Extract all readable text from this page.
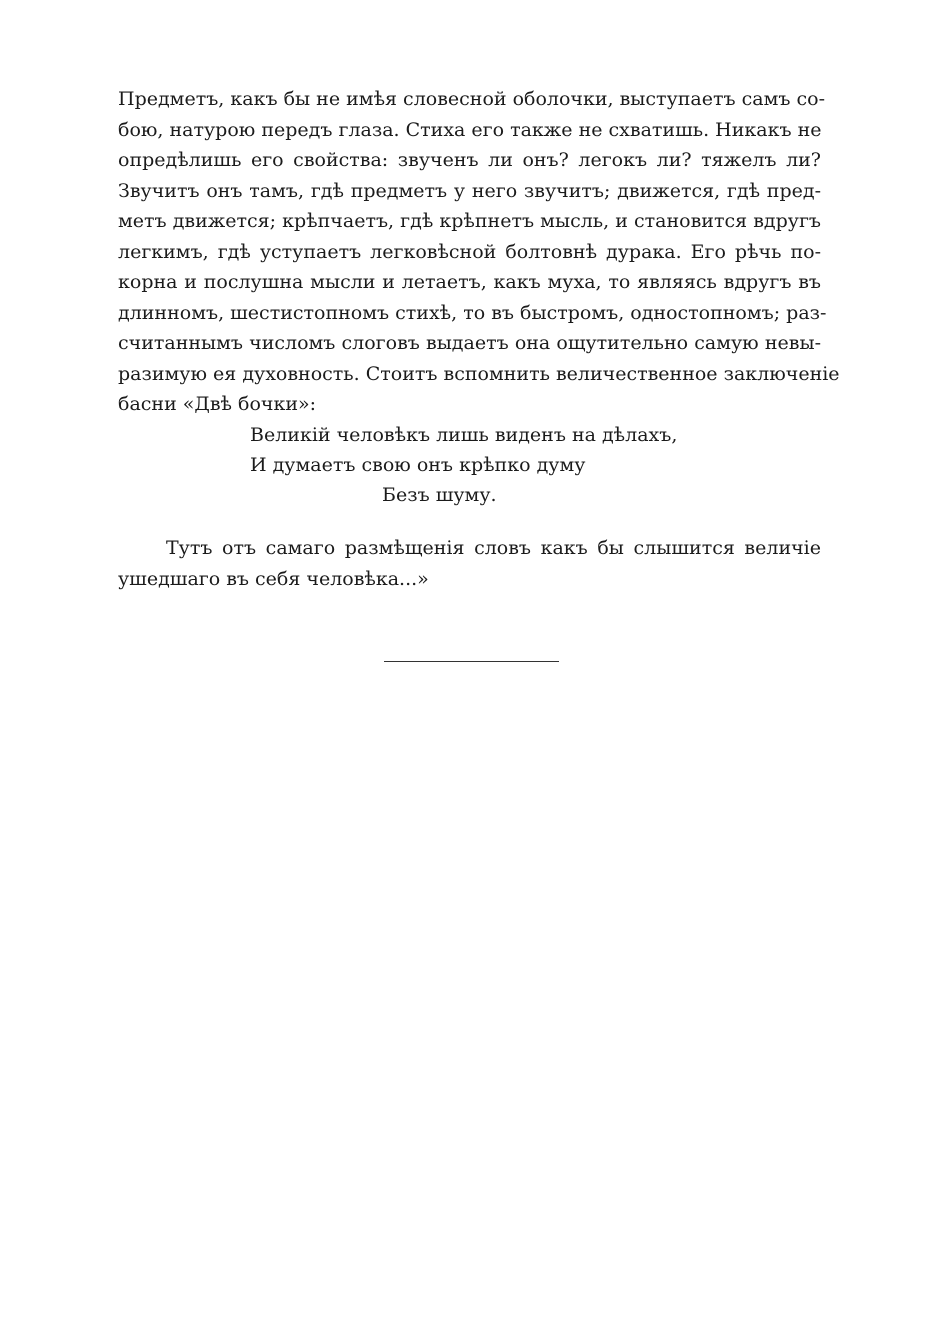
Предметъ, какъ бы не имѣя словесной оболочки, выступаетъ самъ со-
бою, натурою передъ глаза. Стиха его также не схватишь. Никакъ не
опредѣлишь его свойства: звученъ ли онъ? легокъ ли? тяжелъ ли?
Звучитъ онъ тамъ, гдѣ предметъ у него звучитъ; движется, гдѣ пред-
метъ движется; крѣпчаетъ, гдѣ крѣпнетъ мысль, и становится вдругъ
легкимъ, гдѣ уступаетъ легковѣсной болтовнѣ дурака. Его рѣчь по-
корна и послушна мысли и летаетъ, какъ муха, то являясь вдругъ въ
длинномъ, шестистопномъ стихѣ, то въ быстромъ, одностопномъ; раз-
считаннымъ числомъ слоговъ выдаетъ она ощутительно самую невы-
разимую ея духовность. Стоитъ вспомнить величественное заключеніе
басни «Двѣ бочки»:
Великій человѣкъ лишь виденъ на дѣлахъ,
И думаетъ свою онъ крѣпко думу
Безъ шуму.
Тутъ отъ самаго размѣщенія словъ какъ бы слышится величіе
ушедшаго въ себя человѣка...»
